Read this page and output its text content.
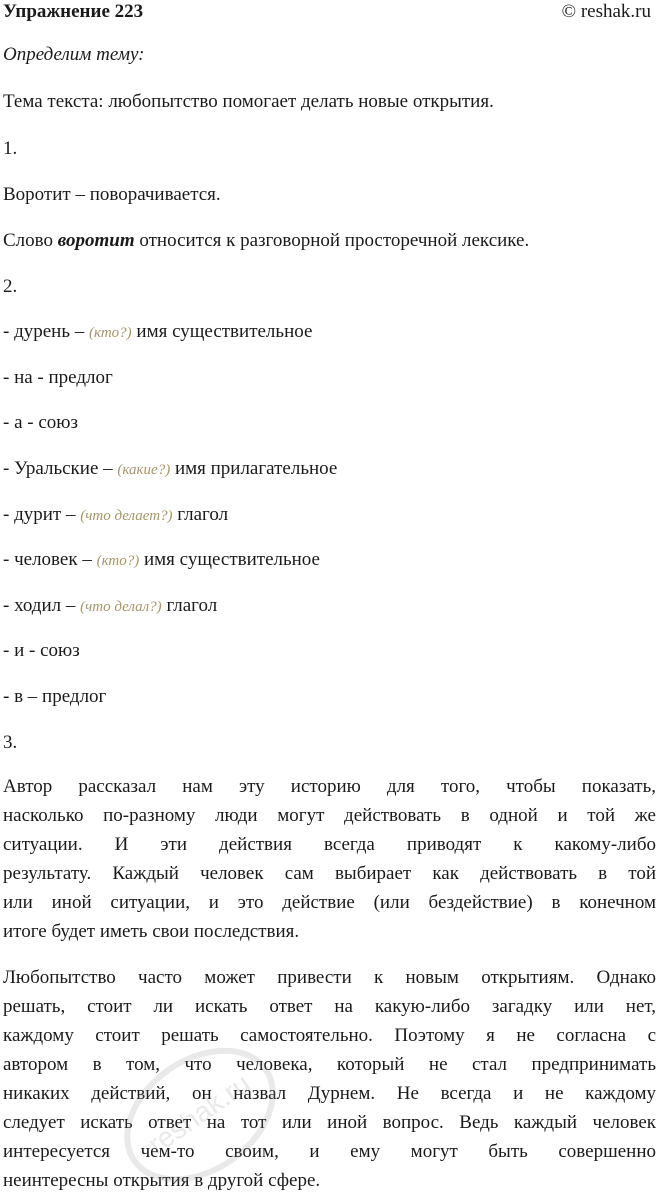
Упражнение 223	© reshak.ru
Определим тему:
Тема текста: любопытство помогает делать новые открытия.
1.
Воротит – поворачивается.
Слово воротит относится к разговорной просторечной лексике.
2.
- дурень – (кто?) имя существительное
- на - предлог
- а - союз
- Уральские – (какие?) имя прилагательное
- дурит – (что делает?) глагол
- человек – (кто?) имя существительное
- ходил – (что делал?) глагол
- и - союз
- в – предлог
3.
Автор рассказал нам эту историю для того, чтобы показать,
насколько по-разному люди могут действовать в одной и той же
ситуации. И эти действия всегда приводят к какому-либо
результату. Каждый человек сам выбирает как действовать в той
или иной ситуации, и это действие (или бездействие) в конечном
итоге будет иметь свои последствия.
Любопытство часто может привести к новым открытиям. Однако
решать, стоит ли искать ответ на какую-либо загадку или нет,
каждому стоит решать самостоятельно. Поэтому я не согласна с
автором в том, что человека, который не стал предпринимать
никаких действий, он назвал Дурнем. Не всегда и не каждому
следует искать ответ на тот или иной вопрос. Ведь каждый человек
интересуется чем-то своим, и ему могут быть совершенно
неинтересны открытия в другой сфере.
reshak.ru
